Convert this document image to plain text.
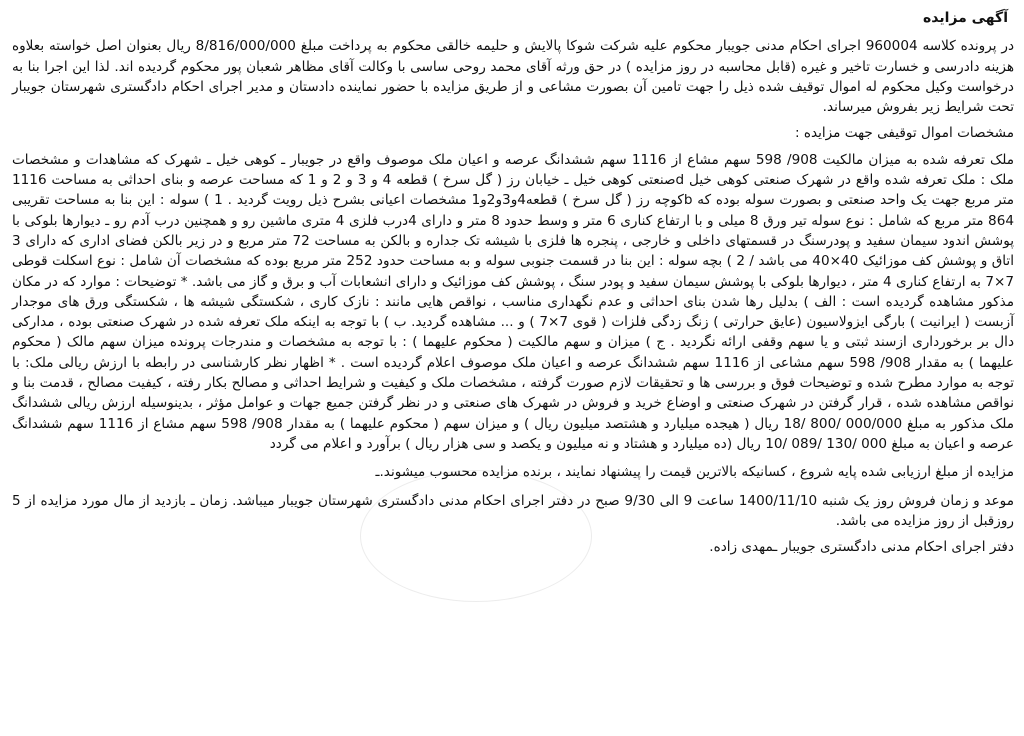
آگهی مزایده

در پرونده کلاسه 960004 اجرای احکام مدنی جویبار محکوم علیه شرکت شوکا پالایش و حلیمه خالقی محکوم به پرداخت مبلغ 8/816/000/000 ریال بعنوان اصل خواسته بعلاوه هزینه دادرسی و خسارت تاخیر و غیره (قابل محاسبه در روز مزایده ) در حق ورثه آقای محمد روحی ساسی با وکالت آقای مظاهر شعبان پور محکوم گردیده اند. لذا این اجرا بنا به درخواست وکیل محکوم له اموال توقیف شده ذیل را جهت تامین آن بصورت مشاعی و از طریق مزایده با حضور نماینده دادستان و مدیر اجرای احکام دادگستری شهرستان جویبار تحت شرایط زیر بفروش میرساند.

مشخصات اموال توقیفی جهت مزایده :

ملک تعرفه شده به میزان مالکیت 908/ 598 سهم مشاع از 1116 سهم ششدانگ عرصه و اعیان ملک موصوف واقع در جویبار ـ کوهی خیل ـ شهرک که مشاهدات و مشخصات ملک : ملک تعرفه شده واقع در شهرک صنعتی کوهی خیل dصنعتی کوهی خیل ـ خیابان رز ( گل سرخ ) قطعه 4 و 3 و 2 و 1 که مساحت عرصه و بنای احداثی به مساحت 1116 متر مربع جهت یک واحد صنعتی و بصورت سوله بوده که bکوچه رز ( گل سرخ ) قطعه4و3و2و1 مشخصات اعیانی بشرح ذیل رویت گردید . 1 ) سوله : این بنا به مساحت تقریبی 864 متر مربع که شامل : نوع سوله تیر ورق 8 میلی و با ارتفاع کناری 6 متر و وسط حدود 8 متر و دارای 4درب فلزی 4 متری ماشین رو و همچنین درب آدم رو ـ دیوارها بلوکی با پوشش اندود سیمان سفید و پودرسنگ در قسمتهای داخلی و خارجی ، پنجره ها فلزی با شیشه تک جداره و بالکن به مساحت 72 متر مربع و در زیر بالکن فضای اداری که دارای 3 اتاق و پوشش کف موزائیک 40×40 می باشد / 2 ) بچه سوله : این بنا در قسمت جنوبی سوله و به مساحت حدود 252 متر مربع بوده که مشخصات آن شامل : نوع اسکلت قوطی 7×7 به ارتفاع کناری 4 متر ، دیوارها بلوکی با پوشش سیمان سفید و پودر سنگ ، پوشش کف موزائیک و دارای انشعابات آب و برق و گاز می باشد. * توضیحات : موارد که در مکان مذکور مشاهده گردیده است : الف ) بدلیل رها شدن بنای احداثی و عدم نگهداری مناسب ، نواقص هایی مانند : نازک کاری ، شکستگی شیشه ها ، شکستگی ورق های موجدار آزبست ( ایرانیت ) بارگی ایزولاسیون (عایق حرارتی ) زنگ زدگی فلزات ( قوی 7×7 ) و ... مشاهده گردید. ب ) با توجه به اینکه ملک تعرفه شده در شهرک صنعتی بوده ، مدارکی دال بر برخورداری ازسند ثبتی و یا سهم وقفی ارائه نگردید . ج ) میزان و سهم مالکیت ( محکوم علیهما ) : با توجه به مشخصات و مندرجات پرونده میزان سهم مالک ( محکوم علیهما ) به مقدار 908/ 598 سهم مشاعی از 1116 سهم ششدانگ عرصه و اعیان ملک موصوف اعلام گردیده است . * اظهار نظر کارشناسی در رابطه با ارزش ریالی ملک: با توجه به موارد مطرح شده و توضیحات فوق و بررسی ها و تحقیقات لازم صورت گرفته ، مشخصات ملک و کیفیت و شرایط احداثی و مصالح بکار رفته ، کیفیت مصالح ، قدمت بنا و نواقص مشاهده شده ، قرار گرفتن در شهرک صنعتی و اوضاع خرید و فروش در شهرک های صنعتی و در نظر گرفتن جمیع جهات و عوامل مؤثر ، بدینوسیله ارزش ریالی ششدانگ ملک مذکور به مبلغ 000/000 /800 /18 ریال ( هیجده میلیارد و هشتصد میلیون ریال ) و میزان سهم ( محکوم علیهما ) به مقدار 908/ 598 سهم مشاع از 1116 سهم ششدانگ عرصه و اعیان به مبلغ 000 /130 /089 /10 ریال (ده میلیارد و هشتاد و نه میلیون و یکصد و سی هزار ریال ) برآورد و اعلام می گردد

مزایده از مبلغ ارزیابی شده پایه شروع ، کسانیکه بالاترین قیمت را پیشنهاد نمایند ، برنده مزایده محسوب میشوند.ـ

موعد و زمان فروش روز یک شنبه 1400/11/10 ساعت 9 الی 9/30 صبح در دفتر اجرای احکام مدنی دادگستری شهرستان جویبار میباشد. زمان ـ بازدید از مال مورد مزایده از 5 روزقبل از روز مزایده می باشد.

دفتر اجرای احکام مدنی دادگستری جویبار ـمهدی زاده.
